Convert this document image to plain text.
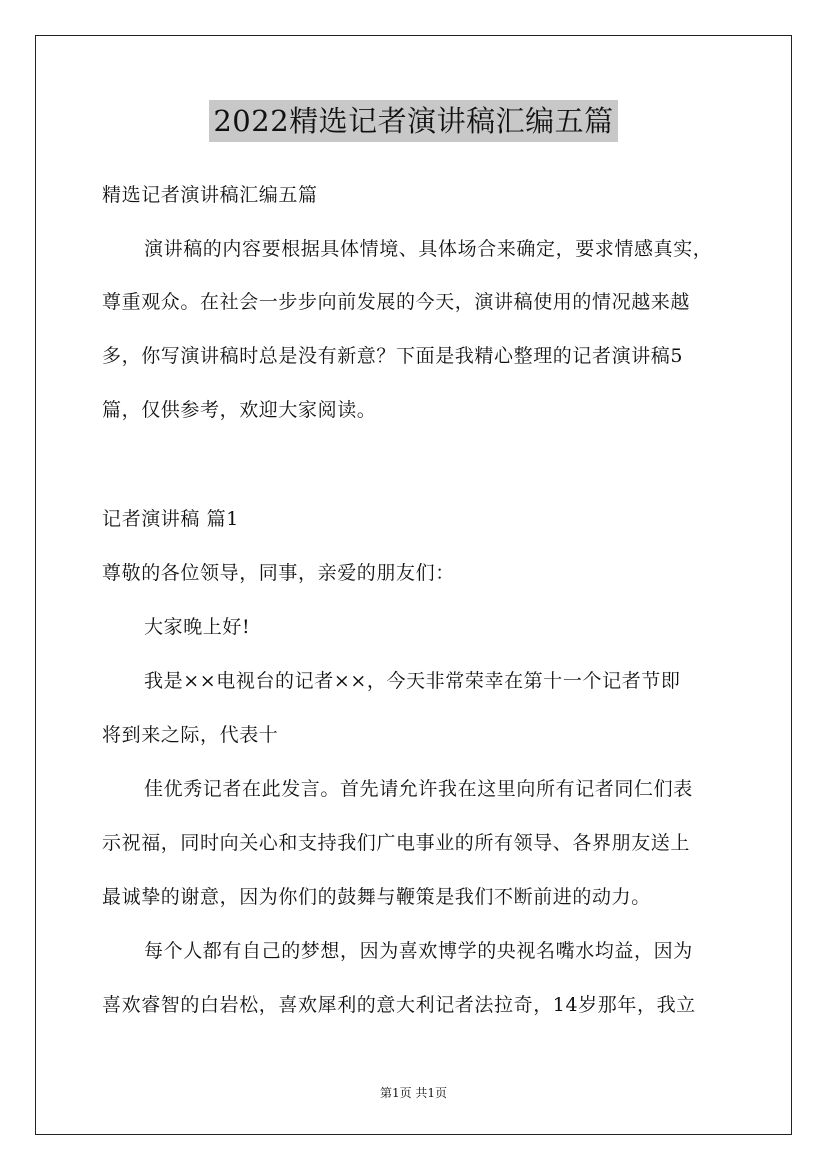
2022精选记者演讲稿汇编五篇
精选记者演讲稿汇编五篇
演讲稿的内容要根据具体情境、具体场合来确定，要求情感真实，
尊重观众。在社会一步步向前发展的今天，演讲稿使用的情况越来越
多，你写演讲稿时总是没有新意？下面是我精心整理的记者演讲稿5
篇，仅供参考，欢迎大家阅读。
记者演讲稿 篇1
尊敬的各位领导，同事，亲爱的朋友们：
大家晚上好!
我是××电视台的记者××，今天非常荣幸在第十一个记者节即
将到来之际，代表十
佳优秀记者在此发言。首先请允许我在这里向所有记者同仁们表
示祝福，同时向关心和支持我们广电事业的所有领导、各界朋友送上
最诚挚的谢意，因为你们的鼓舞与鞭策是我们不断前进的动力。
每个人都有自己的梦想，因为喜欢博学的央视名嘴水均益，因为
喜欢睿智的白岩松，喜欢犀利的意大利记者法拉奇，14岁那年，我立
第1页 共1页
